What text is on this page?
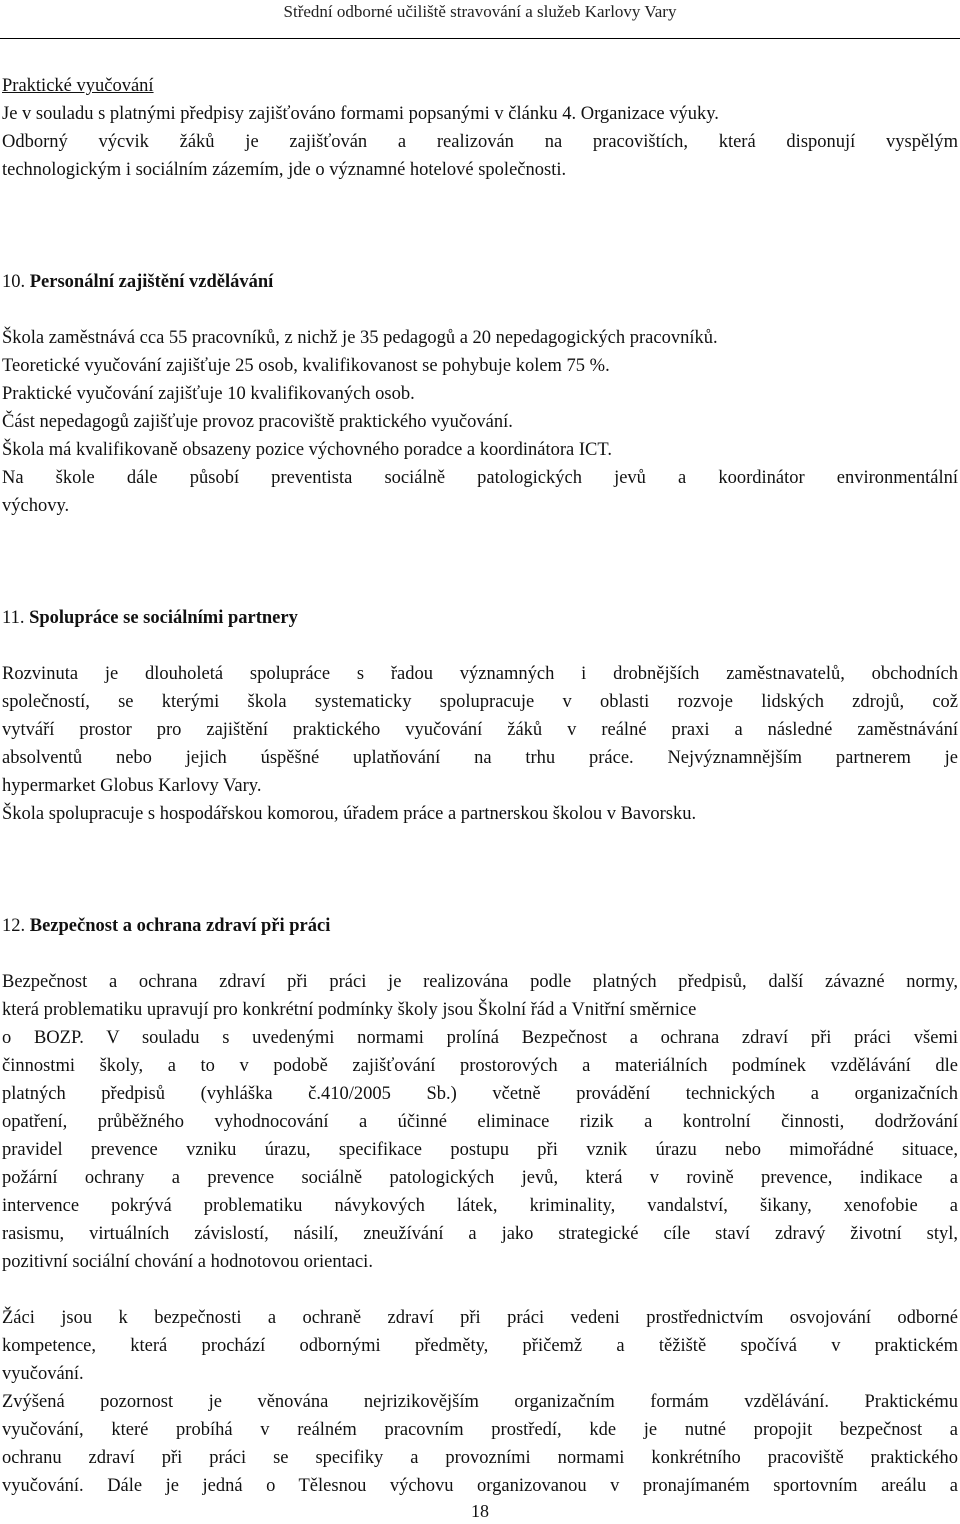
Střední odborné učiliště stravování a služeb Karlovy Vary
Praktické vyučování
Je v souladu s platnými předpisy zajišťováno formami popsanými v článku 4. Organizace výuky.
Odborný výcvik žáků je zajišťován a realizován na pracovištích, která disponují vyspělým
technologickým i sociálním zázemím, jde o významné hotelové společnosti.
10. Personální zajištění vzdělávání
Škola zaměstnává cca 55 pracovníků, z nichž je 35 pedagogů a 20 nepedagogických pracovníků.
Teoretické vyučování zajišťuje 25 osob, kvalifikovanost se pohybuje kolem 75 %.
Praktické vyučování zajišťuje 10 kvalifikovaných osob.
Část nepedagogů zajišťuje provoz pracoviště praktického vyučování.
Škola má kvalifikovaně obsazeny pozice výchovného poradce a koordinátora ICT.
Na škole dále působí preventista sociálně patologických jevů a koordinátor environmentální
výchovy.
11. Spolupráce se sociálními partnery
Rozvinuta je dlouholetá spolupráce s řadou významných i drobnějších zaměstnavatelů, obchodních
společností, se kterými škola systematicky spolupracuje v oblasti rozvoje lidských zdrojů, což
vytváří prostor pro zajištění praktického vyučování žáků v reálné praxi a následné zaměstnávání
absolventů nebo jejich úspěšné uplatňování na trhu práce. Nejvýznamnějším partnerem je
hypermarket Globus Karlovy Vary.
Škola spolupracuje s hospodářskou komorou, úřadem práce a partnerskou školou v Bavorsku.
12. Bezpečnost a ochrana zdraví při práci
Bezpečnost a ochrana zdraví při práci je realizována podle platných předpisů, další závazné normy,
která problematiku upravují pro konkrétní podmínky školy jsou Školní řád a Vnitřní směrnice
o BOZP. V souladu s uvedenými normami prolíná Bezpečnost a ochrana zdraví při práci všemi
činnostmi školy, a to v podobě zajišťování prostorových a materiálních podmínek vzdělávání dle
platných předpisů (vyhláška č.410/2005 Sb.) včetně provádění technických a organizačních
opatření, průběžného vyhodnocování a účinné eliminace rizik a kontrolní činnosti, dodržování
pravidel prevence vzniku úrazu, specifikace postupu při vznik úrazu nebo mimořádné situace,
požární ochrany a prevence sociálně patologických jevů, která v rovině prevence, indikace a
intervence pokrývá problematiku návykových látek, kriminality, vandalství, šikany, xenofobie a
rasismu, virtuálních závislostí, násilí, zneužívání a jako strategické cíle staví zdravý životní styl,
pozitivní sociální chování a hodnotovou orientaci.
Žáci jsou k bezpečnosti a ochraně zdraví při práci vedeni prostřednictvím osvojování odborné
kompetence, která prochází odbornými předměty, přičemž a těžiště spočívá v praktickém
vyučování.
Zvýšená pozornost je věnována nejrizikovějším organizačním formám vzdělávání. Praktickému
vyučování, které probíhá v reálném pracovním prostředí, kde je nutné propojit bezpečnost a
ochranu zdraví při práci se specifiky a provozními normami konkrétního pracoviště praktického
vyučování. Dále je jedná o Tělesnou výchovu organizovanou v pronajímaném sportovním areálu a
18
